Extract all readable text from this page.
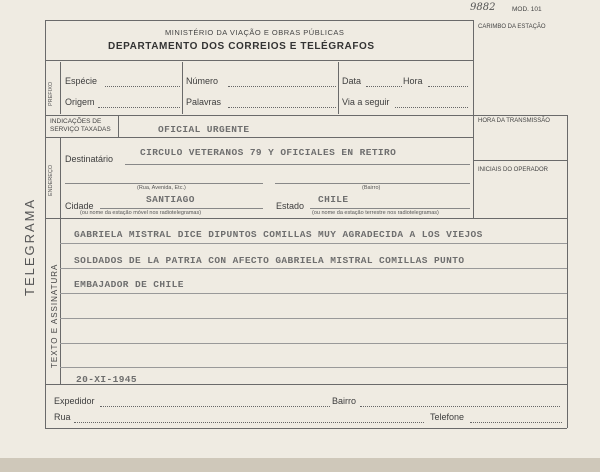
9882	MOD. 101
MINISTÉRIO DA VIAÇÃO E OBRAS PÚBLICAS
DEPARTAMENTO DOS CORREIOS E TELÉGRAFOS
CARIMBO DA ESTAÇÃO
TELEGRAMA
PREFIXO
ENDEREÇO
TEXTO E ASSINATURA
Espécie	Número	Data	Hora
Origem	Palavras	Via a seguir
INDICAÇÕES DE
SERVIÇO TAXADAS	OFICIAL URGENTE
HORA DA TRANSMISSÃO
INICIAIS DO OPERADOR
Destinatário
CIRCULO VETERANOS 79 Y OFICIALES EN RETIRO
(Rua, Avenida, Etc.)	(Bairro)
Cidade
SANTIAGO
Estado
CHILE
(ou nome da estação móvel nos radiotelegramas)	(ou nome da estação terrestre nos radiotelegramas)
GABRIELA MISTRAL DICE DIPUNTOS COMILLAS MUY AGRADECIDA A LOS VIEJOS
SOLDADOS DE LA PATRIA CON AFECTO GABRIELA MISTRAL COMILLAS PUNTO
EMBAJADOR DE CHILE
20-XI-1945
Expedidor	Bairro
Rua	Telefone
